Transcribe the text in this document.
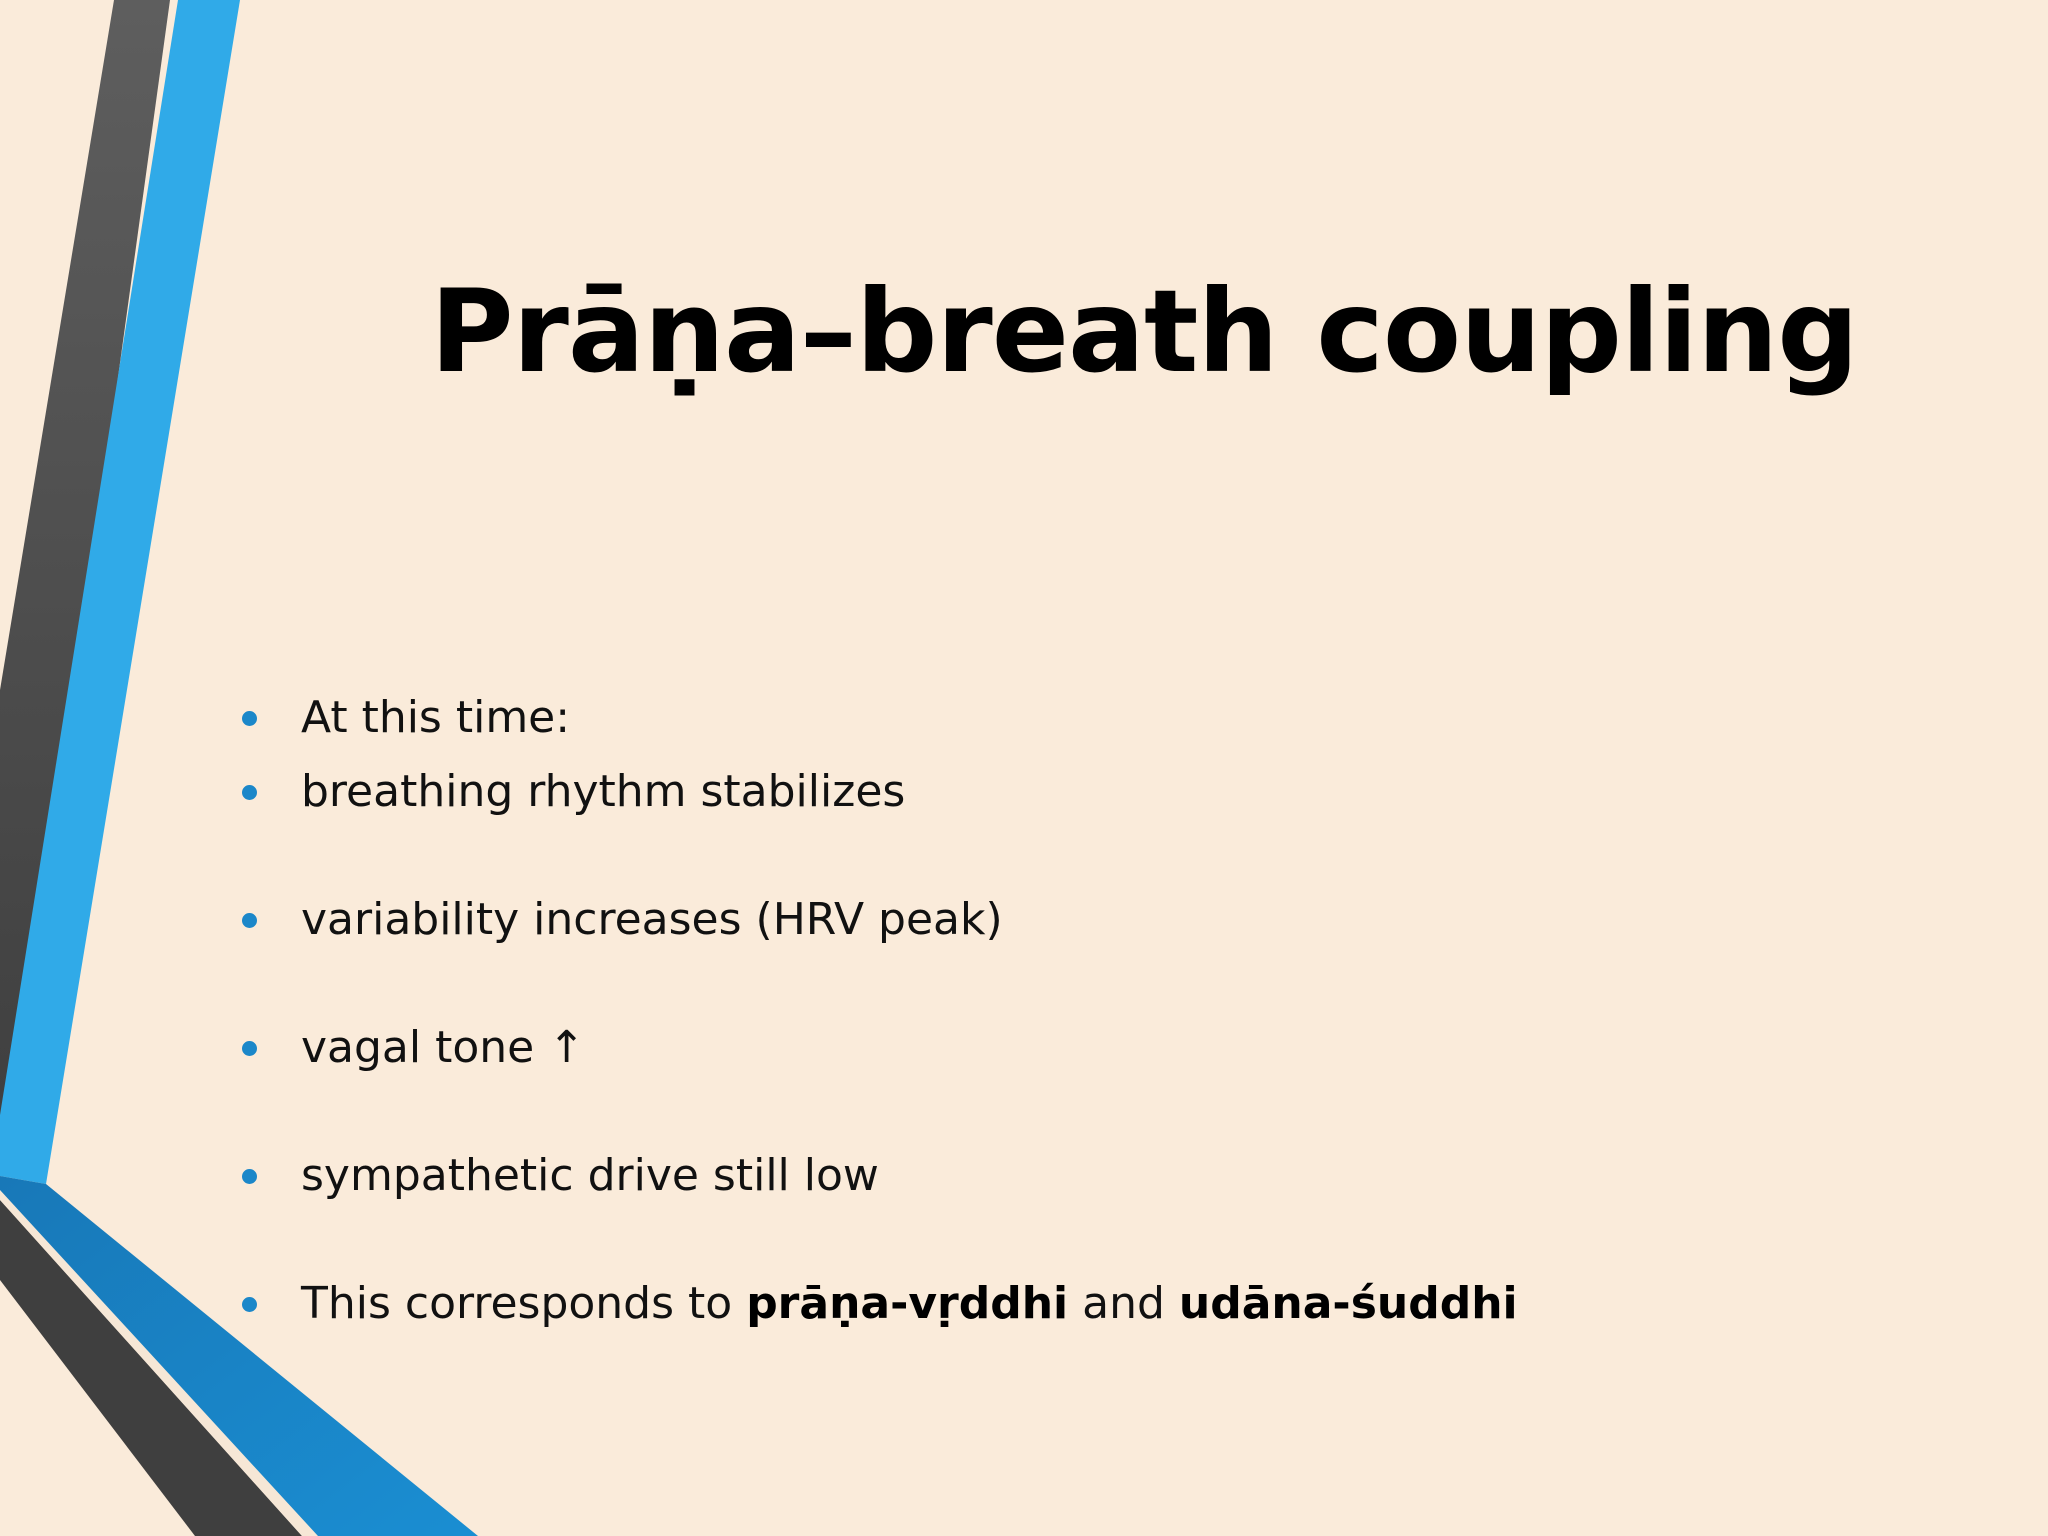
Prāṇa–breath coupling
At this time:
breathing rhythm stabilizes
variability increases (HRV peak)
vagal tone ↑
sympathetic drive still low
This corresponds to prāṇa-vṛddhi and udāna-śuddhi
